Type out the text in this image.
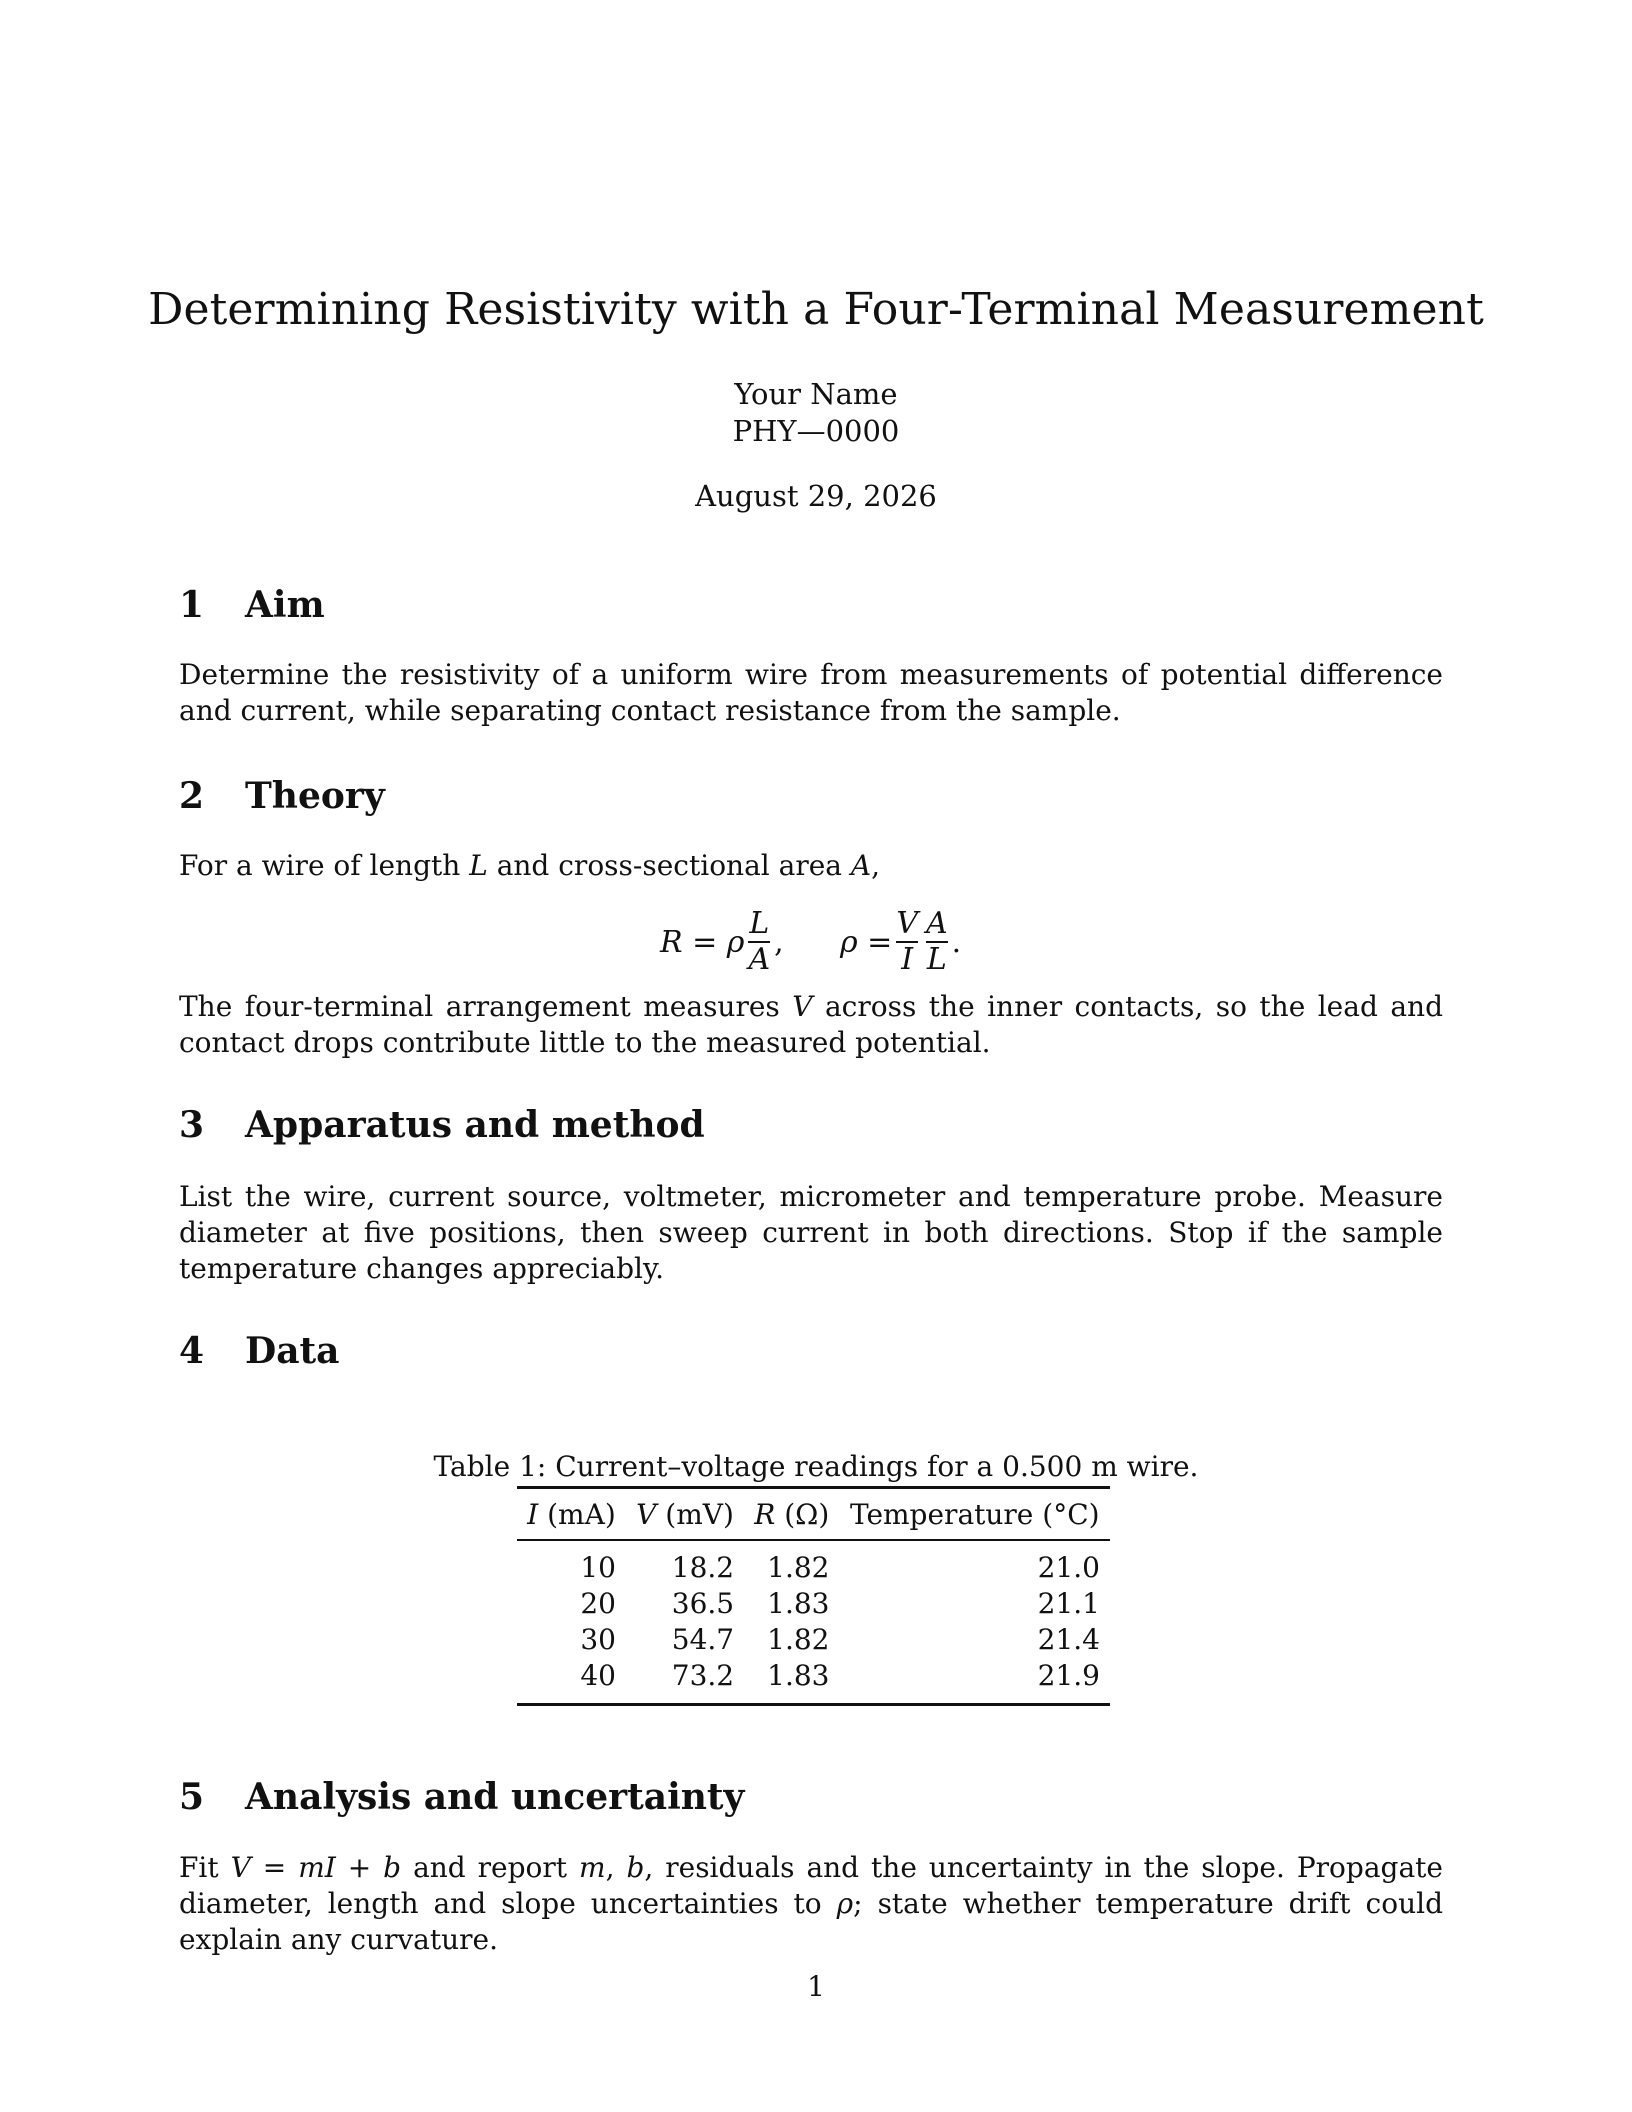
Determining Resistivity with a Four-Terminal Measurement
Your Name
PHY—0000
August 29, 2026
1 Aim

Determine the resistivity of a uniform wire from measurements of potential difference and current, while separating contact resistance from the sample.

2 Theory

For a wire of length L and cross-sectional area A,

R = ρ $\frac{L}{A}$ , $\rho = \frac{V}{I} \frac{A}{L}$ .

The four-terminal arrangement measures V across the inner contacts, so the lead and contact drops contribute little to the measured potential.

3 Apparatus and method

List the wire, current source, voltmeter, micrometer and temperature probe. Measure diameter at five positions, then sweep current in both directions. Stop if the sample temperature changes appreciably.

4 Data
Table 1: Current–voltage readings for a 0.500 m wire.
I (mA)	V (mV)	R (Ω)	Temperature (°C)
10	18.2	1.82	21.0
20	36.5	1.83	21.1
30	54.7	1.82	21.4
40	73.2	1.83	21.9
5 Analysis and uncertainty

Fit V = mI + b and report m, b, residuals and the uncertainty in the slope. Propagate diameter, length and slope uncertainties to ρ; state whether temperature drift could explain any curvature.

1
